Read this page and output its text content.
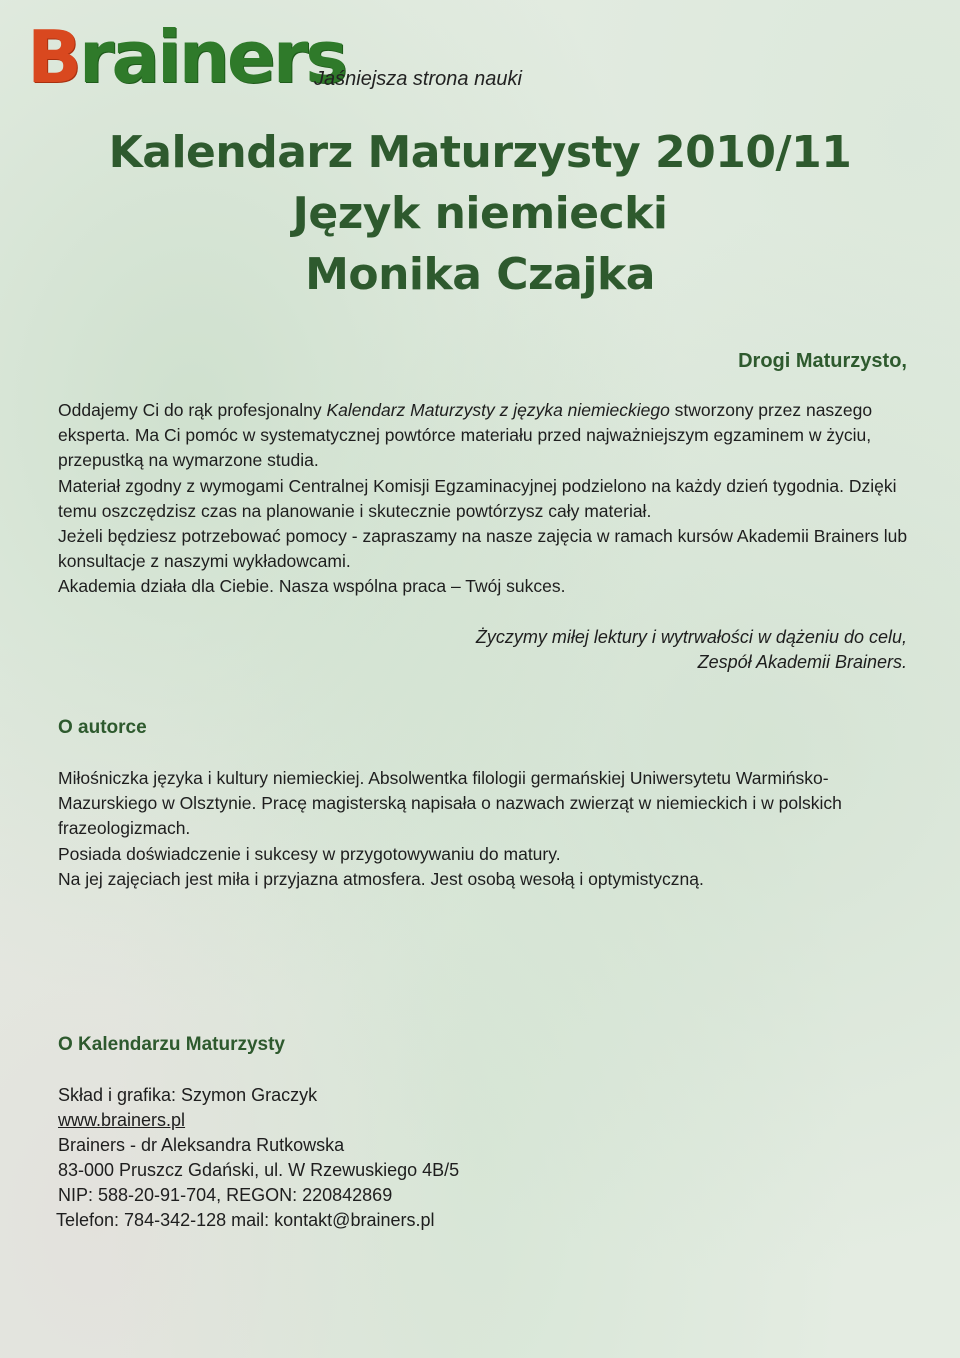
Brainers
Jaśniejsza strona nauki
Kalendarz Maturzysty 2010/11
Język niemiecki
Monika Czajka
Drogi Maturzysto,

Oddajemy Ci do rąk profesjonalny Kalendarz Maturzysty z języka niemieckiego stworzony przez naszego eksperta. Ma Ci pomóc w systematycznej powtórce materiału przed najważniejszym egzaminem w życiu, przepustką na wymarzone studia.

Materiał zgodny z wymogami Centralnej Komisji Egzaminacyjnej podzielono na każdy dzień tygodnia. Dzięki temu oszczędzisz czas na planowanie i skutecznie powtórzysz cały materiał.

Jeżeli będziesz potrzebować pomocy - zapraszamy na nasze zajęcia w ramach kursów Akademii Brainers lub konsultacje z naszymi wykładowcami.

Akademia działa dla Ciebie. Nasza wspólna praca – Twój sukces.

Życzymy miłej lektury i wytrwałości w dążeniu do celu,
Zespół Akademii Brainers.
O autorce

Miłośniczka języka i kultury niemieckiej. Absolwentka filologii germańskiej Uniwersytetu Warmińsko-Mazurskiego w Olsztynie. Pracę magisterską napisała o nazwach zwierząt w niemieckich i w polskich frazeologizmach.

Posiada doświadczenie i sukcesy w przygotowywaniu do matury.

Na jej zajęciach jest miła i przyjazna atmosfera. Jest osobą wesołą i optymistyczną.

O Kalendarzu Maturzysty
Skład i grafika: Szymon Graczyk
www.brainers.pl
Brainers - dr Aleksandra Rutkowska
83-000 Pruszcz Gdański, ul. W Rzewuskiego 4B/5
NIP: 588-20-91-704, REGON: 220842869
Telefon: 784-342-128 mail: kontakt@brainers.pl
